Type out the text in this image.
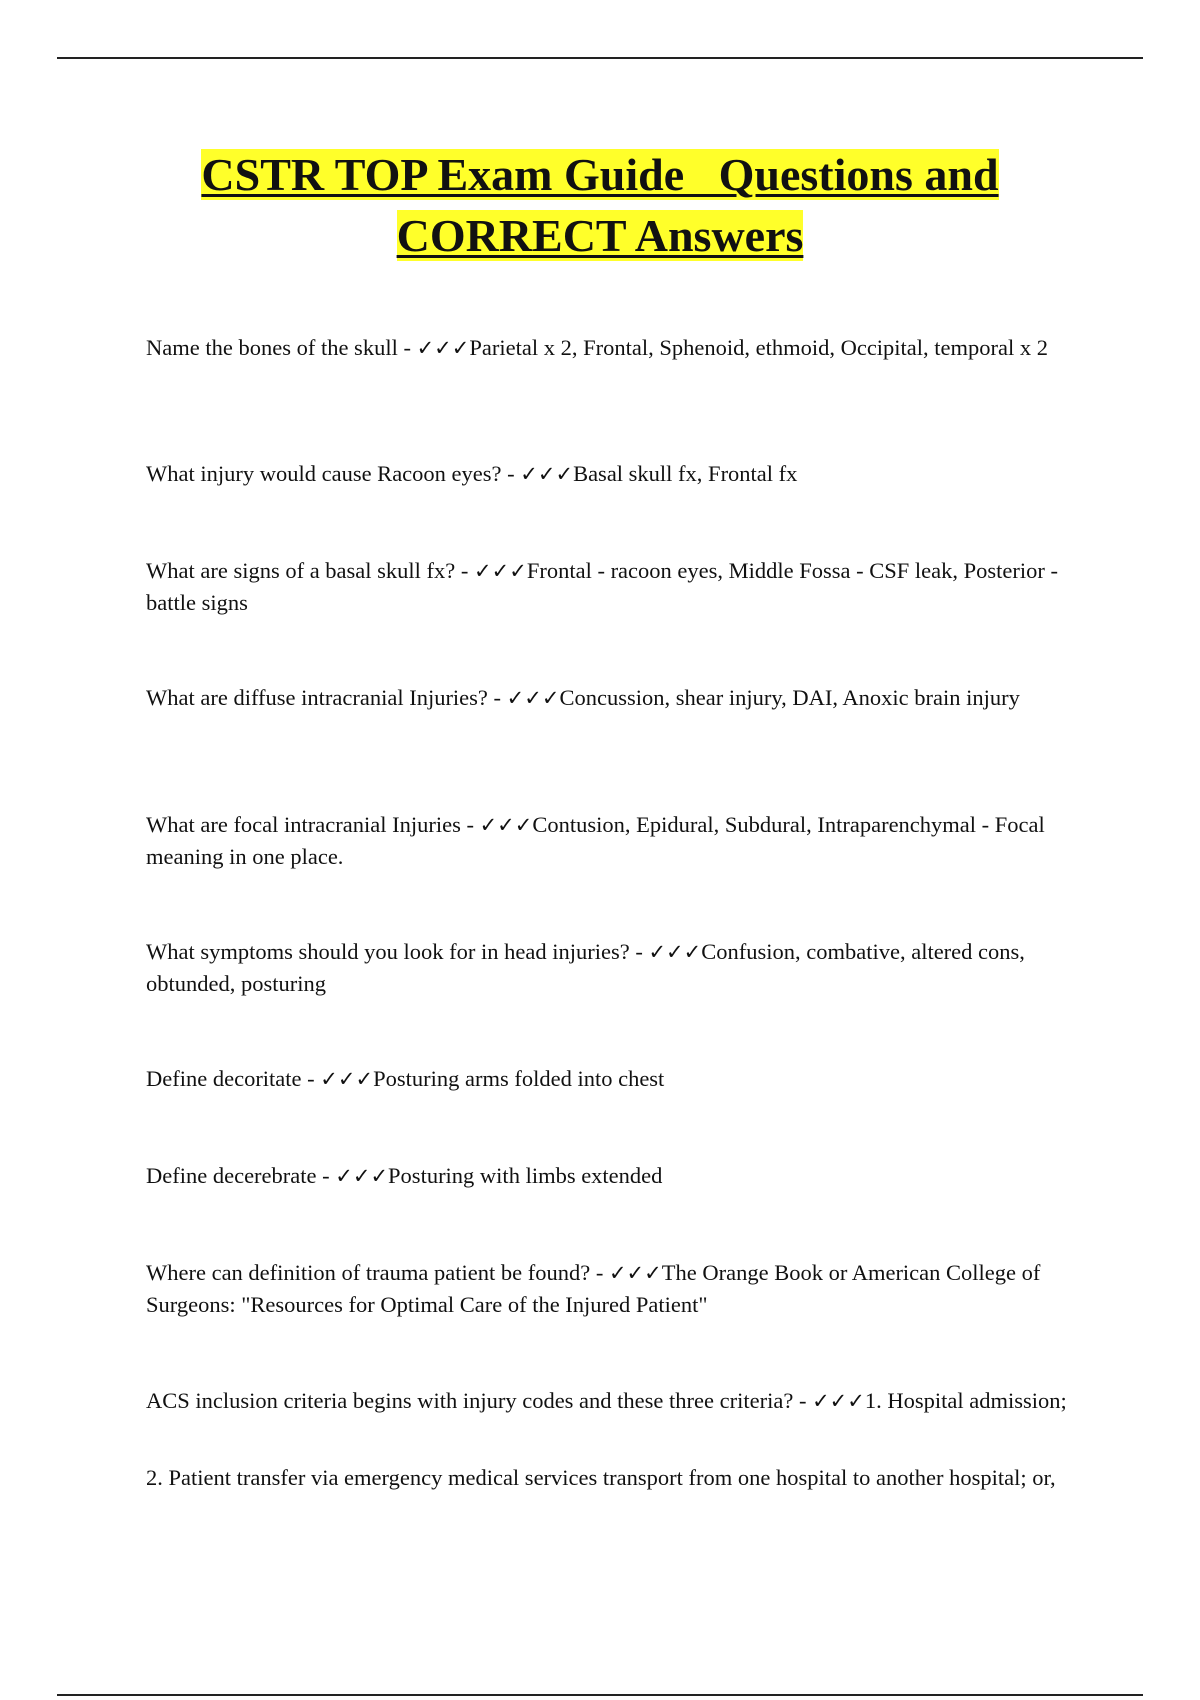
CSTR TOP Exam Guide   Questions and
CORRECT Answers

Name the bones of the skull - ✓✓✓Parietal x 2, Frontal, Sphenoid, ethmoid, Occipital, temporal x 2

What injury would cause Racoon eyes? - ✓✓✓Basal skull fx, Frontal fx

What are signs of a basal skull fx? - ✓✓✓Frontal - racoon eyes, Middle Fossa - CSF leak, Posterior - battle signs

What are diffuse intracranial Injuries? - ✓✓✓Concussion, shear injury, DAI, Anoxic brain injury

What are focal intracranial Injuries - ✓✓✓Contusion, Epidural, Subdural, Intraparenchymal - Focal meaning in one place.

What symptoms should you look for in head injuries? - ✓✓✓Confusion, combative, altered cons, obtunded, posturing

Define decoritate - ✓✓✓Posturing arms folded into chest

Define decerebrate - ✓✓✓Posturing with limbs extended

Where can definition of trauma patient be found? - ✓✓✓The Orange Book or American College of Surgeons: "Resources for Optimal Care of the Injured Patient"

ACS inclusion criteria begins with injury codes and these three criteria? - ✓✓✓1. Hospital admission;

2. Patient transfer via emergency medical services transport from one hospital to another hospital; or,
